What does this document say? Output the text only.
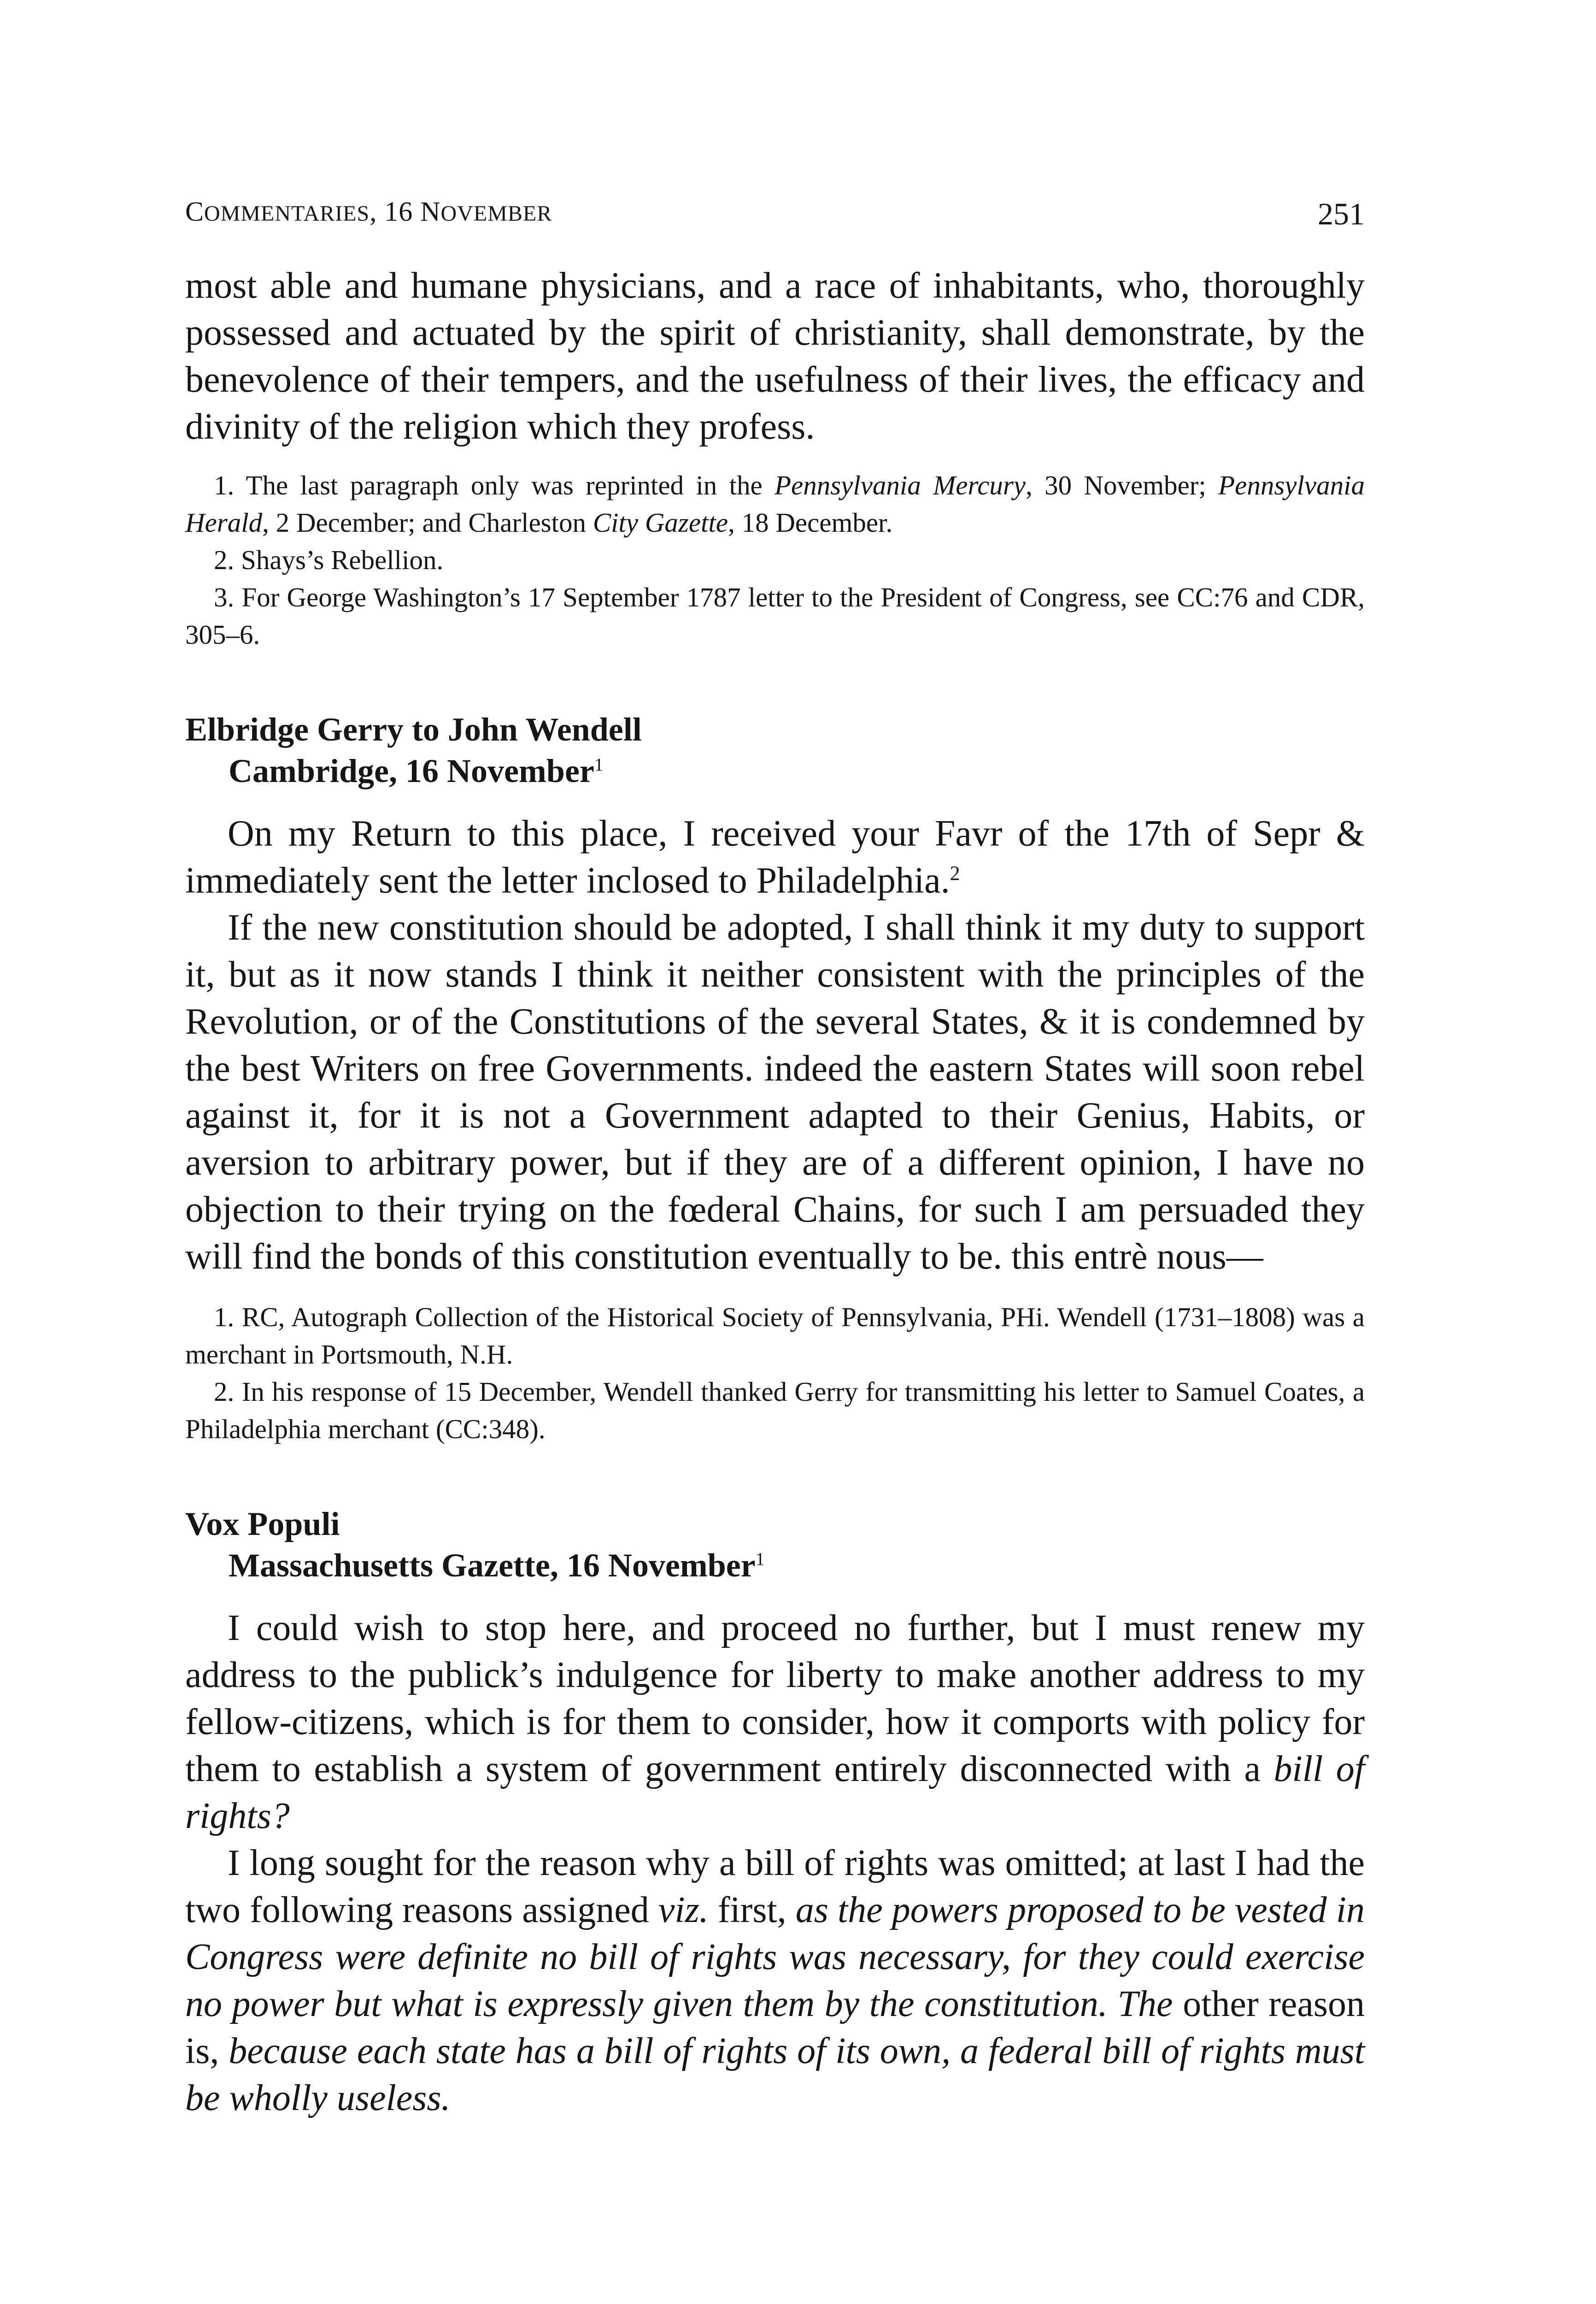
COMMENTARIES, 16 NOVEMBER	251

most able and humane physicians, and a race of inhabitants, who, thoroughly possessed and actuated by the spirit of christianity, shall demonstrate, by the benevolence of their tempers, and the usefulness of their lives, the efficacy and divinity of the religion which they profess.

1. The last paragraph only was reprinted in the Pennsylvania Mercury, 30 November; Pennsylvania Herald, 2 December; and Charleston City Gazette, 18 December.

2. Shays’s Rebellion.

3. For George Washington’s 17 September 1787 letter to the President of Congress, see CC:76 and CDR, 305–6.

Elbridge Gerry to John Wendell
Cambridge, 16 November$^1$

On my Return to this place, I received your Favr of the 17th of Sepr & immediately sent the letter inclosed to Philadelphia.$^2$

If the new constitution should be adopted, I shall think it my duty to support it, but as it now stands I think it neither consistent with the principles of the Revolution, or of the Constitutions of the several States, & it is condemned by the best Writers on free Governments. indeed the eastern States will soon rebel against it, for it is not a Government adapted to their Genius, Habits, or aversion to arbitrary power, but if they are of a different opinion, I have no objection to their trying on the fœderal Chains, for such I am persuaded they will find the bonds of this constitution eventually to be. this entrè nous—

1. RC, Autograph Collection of the Historical Society of Pennsylvania, PHi. Wendell (1731–1808) was a merchant in Portsmouth, N.H.

2. In his response of 15 December, Wendell thanked Gerry for transmitting his letter to Samuel Coates, a Philadelphia merchant (CC:348).

Vox Populi
Massachusetts Gazette, 16 November$^1$

I could wish to stop here, and proceed no further, but I must renew my address to the publick’s indulgence for liberty to make another address to my fellow-citizens, which is for them to consider, how it comports with policy for them to establish a system of government entirely disconnected with a bill of rights?

I long sought for the reason why a bill of rights was omitted; at last I had the two following reasons assigned viz. first, as the powers proposed to be vested in Congress were definite no bill of rights was necessary, for they could exercise no power but what is expressly given them by the constitution. The other reason is, because each state has a bill of rights of its own, a federal bill of rights must be wholly useless.
